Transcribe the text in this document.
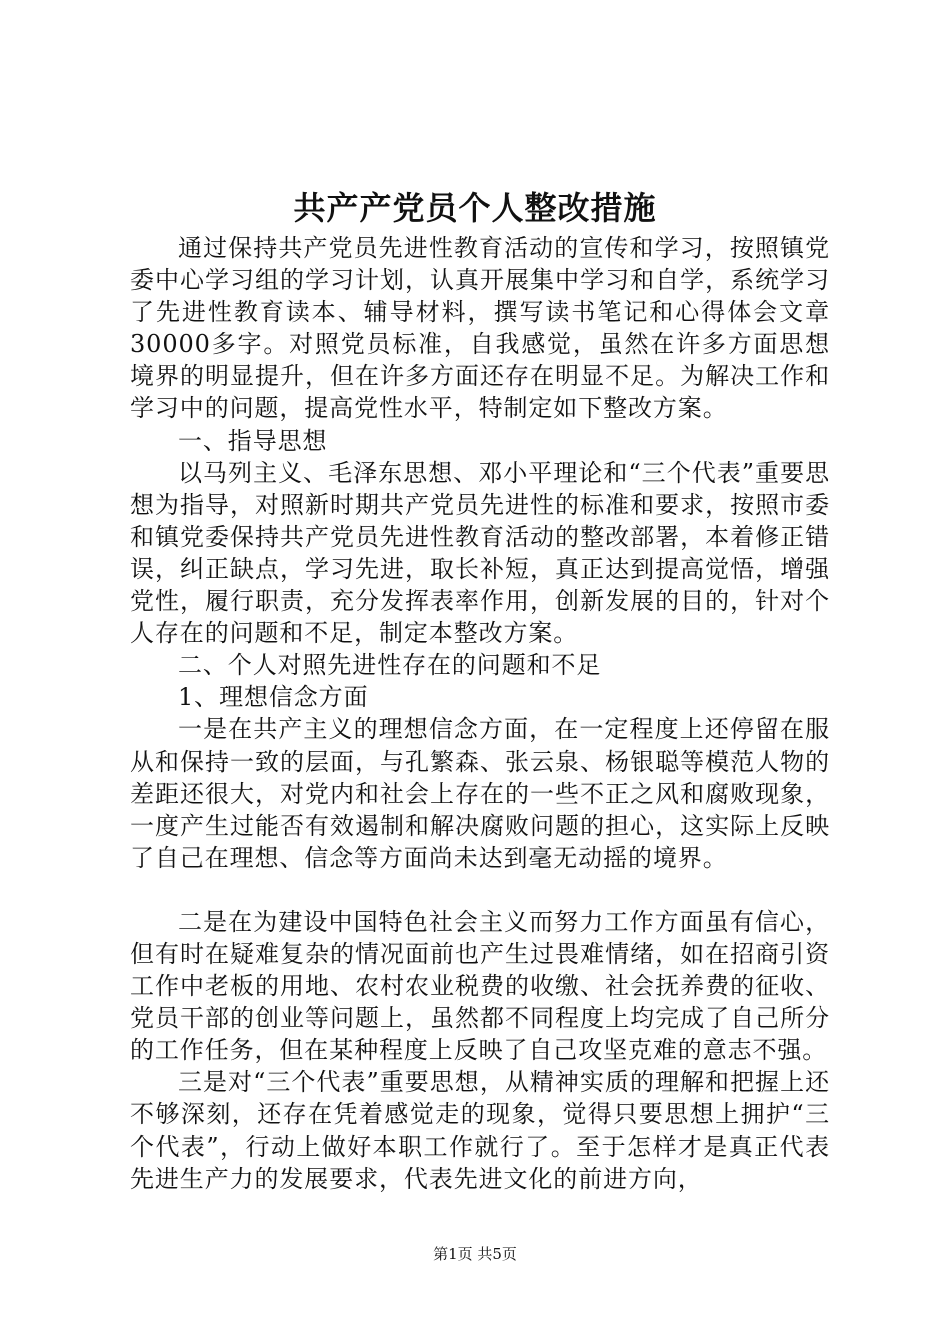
共产产党员个人整改措施

通过保持共产党员先进性教育活动的宣传和学习，按照镇党委中心学习组的学习计划，认真开展集中学习和自学，系统学习了先进性教育读本、辅导材料，撰写读书笔记和心得体会文章30000多字。对照党员标准，自我感觉，虽然在许多方面思想境界的明显提升，但在许多方面还存在明显不足。为解决工作和学习中的问题，提高党性水平，特制定如下整改方案。

一、指导思想

以马列主义、毛泽东思想、邓小平理论和“三个代表”重要思想为指导，对照新时期共产党员先进性的标准和要求，按照市委和镇党委保持共产党员先进性教育活动的整改部署，本着修正错误，纠正缺点，学习先进，取长补短，真正达到提高觉悟，增强党性，履行职责，充分发挥表率作用，创新发展的目的，针对个人存在的问题和不足，制定本整改方案。

二、个人对照先进性存在的问题和不足

1、理想信念方面

一是在共产主义的理想信念方面，在一定程度上还停留在服从和保持一致的层面，与孔繁森、张云泉、杨银聪等模范人物的差距还很大，对党内和社会上存在的一些不正之风和腐败现象，一度产生过能否有效遏制和解决腐败问题的担心，这实际上反映了自己在理想、信念等方面尚未达到毫无动摇的境界。

二是在为建设中国特色社会主义而努力工作方面虽有信心，但有时在疑难复杂的情况面前也产生过畏难情绪，如在招商引资工作中老板的用地、农村农业税费的收缴、社会抚养费的征收、党员干部的创业等问题上，虽然都不同程度上均完成了自己所分的工作任务，但在某种程度上反映了自己攻坚克难的意志不强。

三是对“三个代表”重要思想，从精神实质的理解和把握上还不够深刻，还存在凭着感觉走的现象，觉得只要思想上拥护“三个代表”，行动上做好本职工作就行了。至于怎样才是真正代表先进生产力的发展要求，代表先进文化的前进方向，

第1页 共5页
